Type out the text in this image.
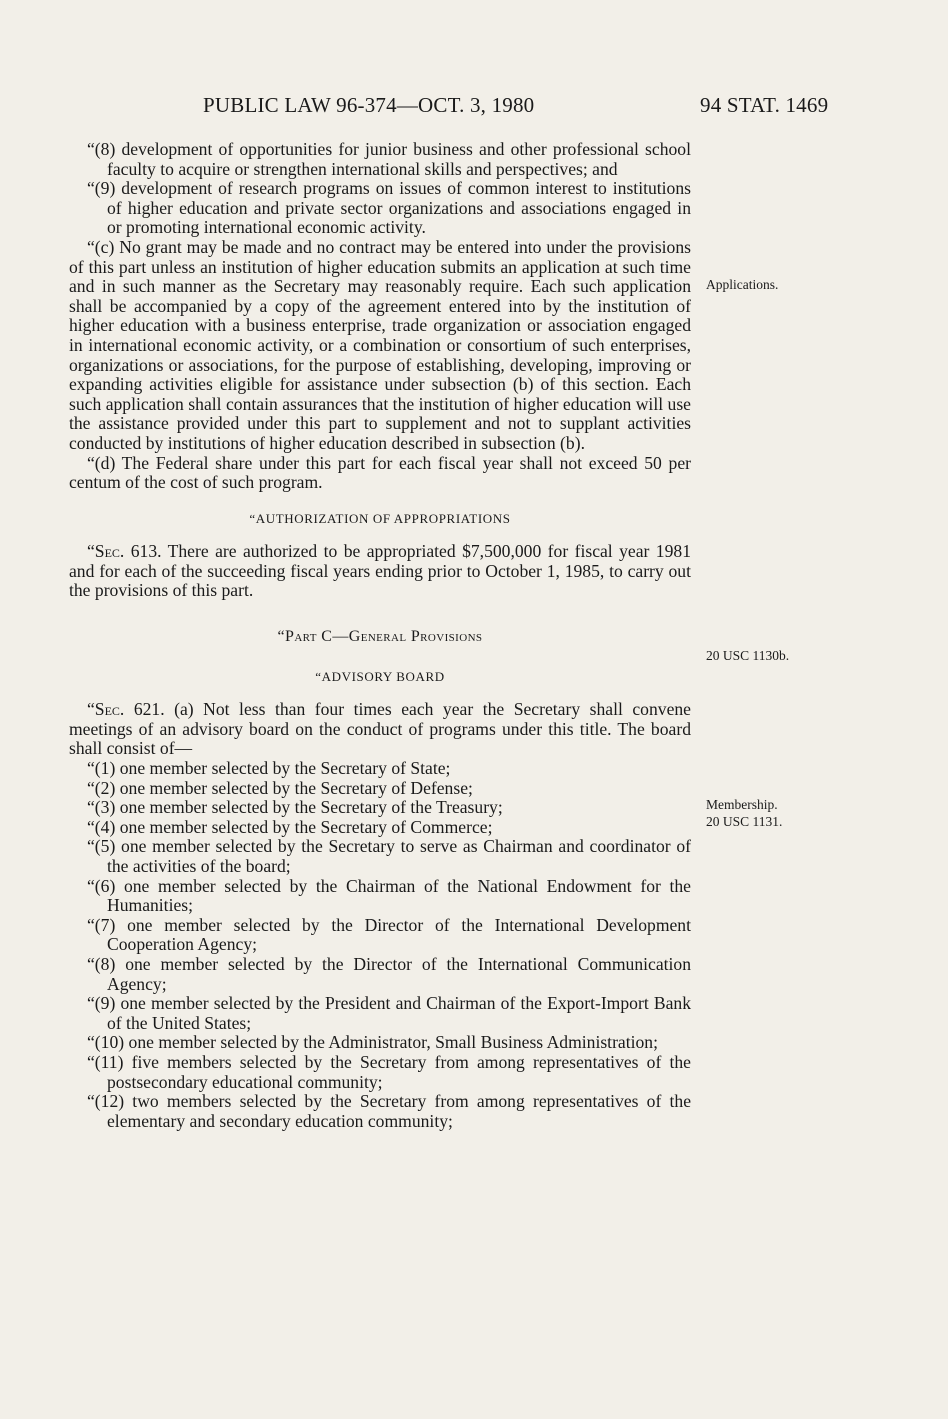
PUBLIC LAW 96-374—OCT. 3, 1980	94 STAT. 1469
Applications.
20 USC 1130b.
Membership.
20 USC 1131.

“(8) development of opportunities for junior business and other professional school faculty to acquire or strengthen international skills and perspectives; and

“(9) development of research programs on issues of common interest to institutions of higher education and private sector organizations and associations engaged in or promoting international economic activity.

“(c) No grant may be made and no contract may be entered into under the provisions of this part unless an institution of higher education submits an application at such time and in such manner as the Secretary may reasonably require. Each such application shall be accompanied by a copy of the agreement entered into by the institution of higher education with a business enterprise, trade organization or association engaged in international economic activity, or a combination or consortium of such enterprises, organizations or associations, for the purpose of establishing, developing, improving or expanding activities eligible for assistance under subsection (b) of this section. Each such application shall contain assurances that the institution of higher education will use the assistance provided under this part to supplement and not to supplant activities conducted by institutions of higher education described in subsection (b).

“(d) The Federal share under this part for each fiscal year shall not exceed 50 per centum of the cost of such program.

“AUTHORIZATION OF APPROPRIATIONS

“Sec. 613. There are authorized to be appropriated $7,500,000 for fiscal year 1981 and for each of the succeeding fiscal years ending prior to October 1, 1985, to carry out the provisions of this part.

“Part C—General Provisions

“ADVISORY BOARD

“Sec. 621. (a) Not less than four times each year the Secretary shall convene meetings of an advisory board on the conduct of programs under this title. The board shall consist of—

“(1) one member selected by the Secretary of State;

“(2) one member selected by the Secretary of Defense;

“(3) one member selected by the Secretary of the Treasury;

“(4) one member selected by the Secretary of Commerce;

“(5) one member selected by the Secretary to serve as Chairman and coordinator of the activities of the board;

“(6) one member selected by the Chairman of the National Endowment for the Humanities;

“(7) one member selected by the Director of the International Development Cooperation Agency;

“(8) one member selected by the Director of the International Communication Agency;

“(9) one member selected by the President and Chairman of the Export-Import Bank of the United States;

“(10) one member selected by the Administrator, Small Business Administration;

“(11) five members selected by the Secretary from among representatives of the postsecondary educational community;

“(12) two members selected by the Secretary from among representatives of the elementary and secondary education community;
